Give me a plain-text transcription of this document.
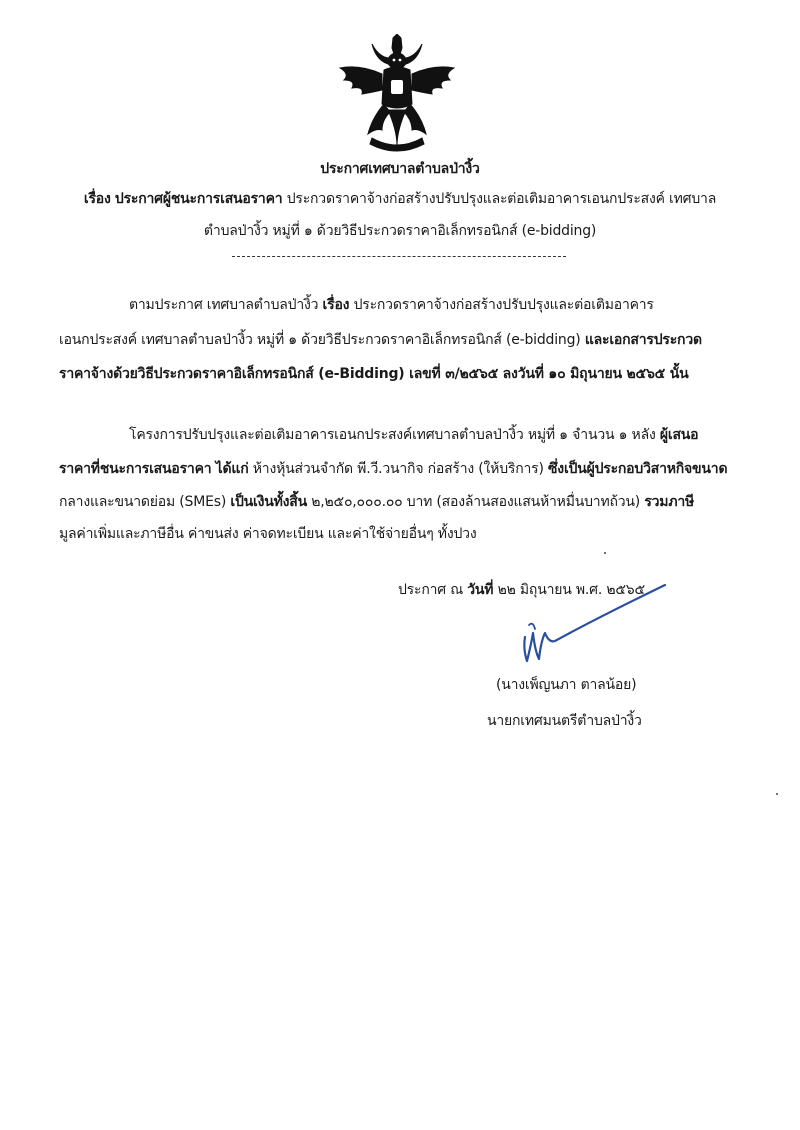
ประกาศเทศบาลตำบลป่างิ้ว
เรื่อง ประกาศผู้ชนะการเสนอราคา ประกวดราคาจ้างก่อสร้างปรับปรุงและต่อเติมอาคารเอนกประสงค์ เทศบาล
ตำบลป่างิ้ว หมู่ที่ ๑ ด้วยวิธีประกวดราคาอิเล็กทรอนิกส์ (e-bidding)
ตามประกาศ เทศบาลตำบลป่างิ้ว เรื่อง ประกวดราคาจ้างก่อสร้างปรับปรุงและต่อเติมอาคาร
เอนกประสงค์ เทศบาลตำบลป่างิ้ว หมู่ที่ ๑ ด้วยวิธีประกวดราคาอิเล็กทรอนิกส์ (e-bidding) และเอกสารประกวด
ราคาจ้างด้วยวิธีประกวดราคาอิเล็กทรอนิกส์ (e-Bidding) เลขที่ ๓/๒๕๖๕ ลงวันที่ ๑๐ มิถุนายน ๒๕๖๕ นั้น
โครงการปรับปรุงและต่อเติมอาคารเอนกประสงค์เทศบาลตำบลป่างิ้ว หมู่ที่ ๑ จำนวน ๑ หลัง ผู้เสนอ
ราคาที่ชนะการเสนอราคา ได้แก่ ห้างหุ้นส่วนจำกัด พี.วี.วนากิจ ก่อสร้าง (ให้บริการ) ซึ่งเป็นผู้ประกอบวิสาหกิจขนาด
กลางและขนาดย่อม (SMEs) เป็นเงินทั้งสิ้น ๒,๒๕๐,๐๐๐.๐๐ บาท (สองล้านสองแสนห้าหมื่นบาทถ้วน) รวมภาษี
มูลค่าเพิ่มและภาษีอื่น ค่าขนส่ง ค่าจดทะเบียน และค่าใช้จ่ายอื่นๆ ทั้งปวง
ประกาศ ณ วันที่ ๒๒ มิถุนายน พ.ศ. ๒๕๖๕
(นางเพ็ญนภา ตาลน้อย)
นายกเทศมนตรีตำบลป่างิ้ว
